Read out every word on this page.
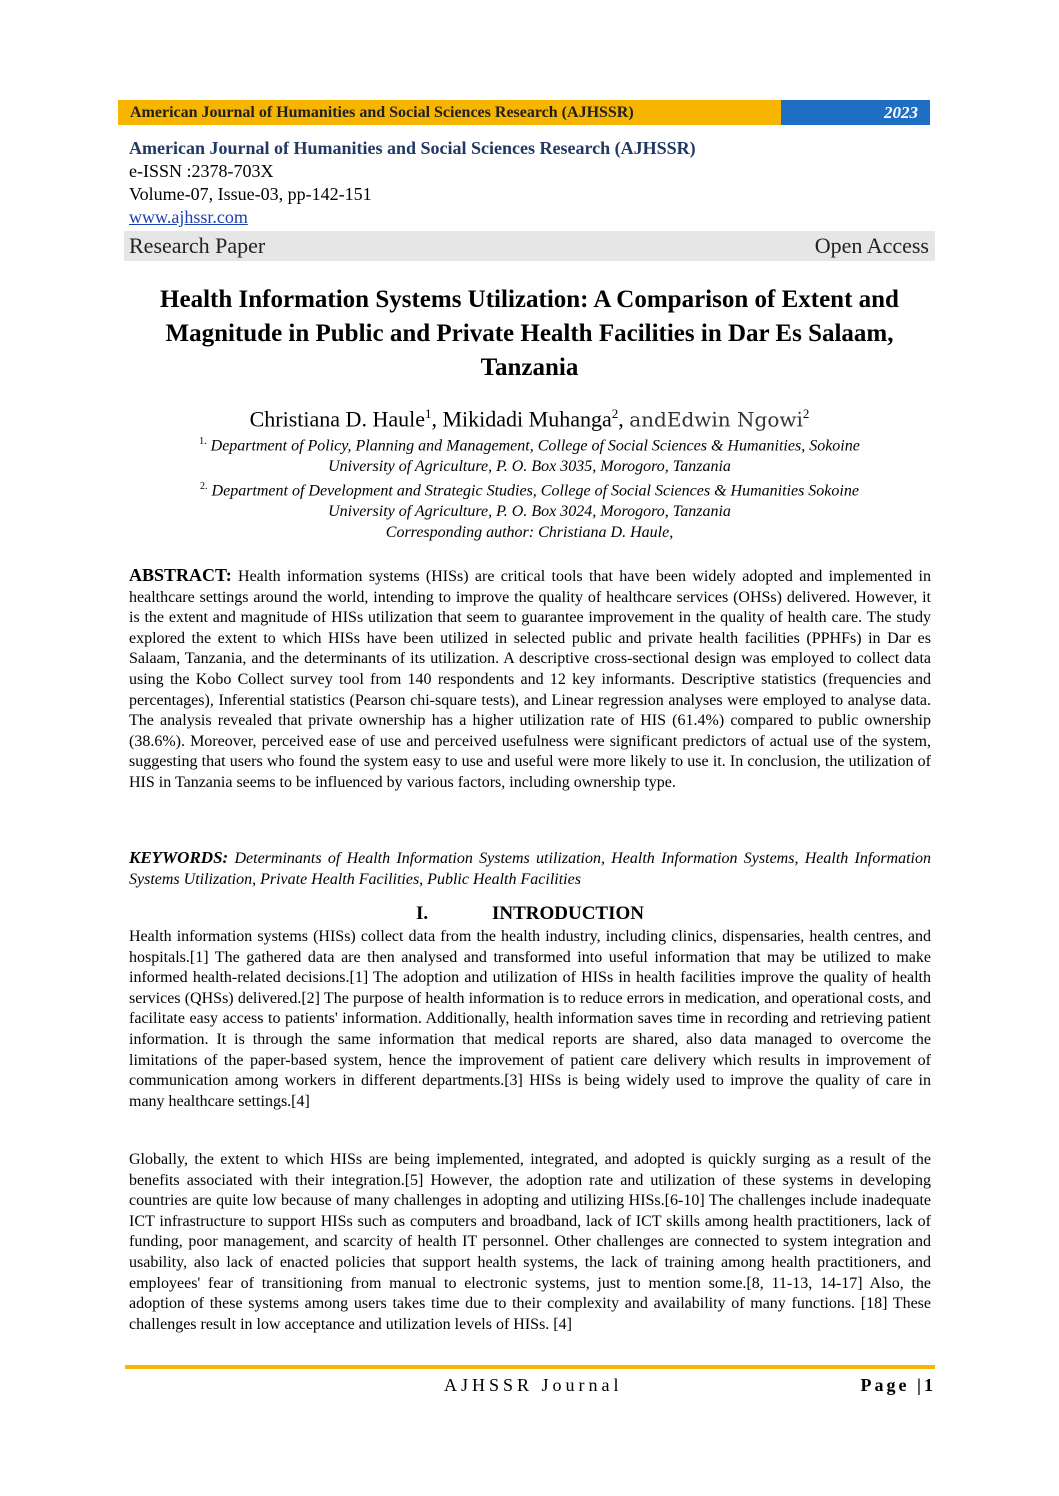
American Journal of Humanities and Social Sciences Research (AJHSSR)	2023
American Journal of Humanities and Social Sciences Research (AJHSSR)
e-ISSN :2378-703X
Volume-07, Issue-03, pp-142-151
www.ajhssr.com
Research Paper	Open Access
Health Information Systems Utilization: A Comparison of Extent and Magnitude in Public and Private Health Facilities in Dar Es Salaam, Tanzania
Christiana D. Haule$^1$, Mikidadi Muhanga$^2$, andEdwin Ngowi$^2$
$^{1.}$ Department of Policy, Planning and Management, College of Social Sciences & Humanities, Sokoine
University of Agriculture, P. O. Box 3035, Morogoro, Tanzania
$^{2.}$ Department of Development and Strategic Studies, College of Social Sciences & Humanities Sokoine
University of Agriculture, P. O. Box 3024, Morogoro, Tanzania
Corresponding author: Christiana D. Haule,
ABSTRACT: Health information systems (HISs) are critical tools that have been widely adopted and implemented in healthcare settings around the world, intending to improve the quality of healthcare services (OHSs) delivered. However, it is the extent and magnitude of HISs utilization that seem to guarantee improvement in the quality of health care. The study explored the extent to which HISs have been utilized in selected public and private health facilities (PPHFs) in Dar es Salaam, Tanzania, and the determinants of its utilization. A descriptive cross-sectional design was employed to collect data using the Kobo Collect survey tool from 140 respondents and 12 key informants. Descriptive statistics (frequencies and percentages), Inferential statistics (Pearson chi-square tests), and Linear regression analyses were employed to analyse data. The analysis revealed that private ownership has a higher utilization rate of HIS (61.4%) compared to public ownership (38.6%). Moreover, perceived ease of use and perceived usefulness were significant predictors of actual use of the system, suggesting that users who found the system easy to use and useful were more likely to use it. In conclusion, the utilization of HIS in Tanzania seems to be influenced by various factors, including ownership type.
KEYWORDS: Determinants of Health Information Systems utilization, Health Information Systems, Health Information Systems Utilization, Private Health Facilities, Public Health Facilities
I.	INTRODUCTION
Health information systems (HISs) collect data from the health industry, including clinics, dispensaries, health centres, and hospitals.[1] The gathered data are then analysed and transformed into useful information that may be utilized to make informed health-related decisions.[1] The adoption and utilization of HISs in health facilities improve the quality of health services (QHSs) delivered.[2] The purpose of health information is to reduce errors in medication, and operational costs, and facilitate easy access to patients' information. Additionally, health information saves time in recording and retrieving patient information. It is through the same information that medical reports are shared, also data managed to overcome the limitations of the paper-based system, hence the improvement of patient care delivery which results in improvement of communication among workers in different departments.[3] HISs is being widely used to improve the quality of care in many healthcare settings.[4]
Globally, the extent to which HISs are being implemented, integrated, and adopted is quickly surging as a result of the benefits associated with their integration.[5] However, the adoption rate and utilization of these systems in developing countries are quite low because of many challenges in adopting and utilizing HISs.[6-10] The challenges include inadequate ICT infrastructure to support HISs such as computers and broadband, lack of ICT skills among health practitioners, lack of funding, poor management, and scarcity of health IT personnel. Other challenges are connected to system integration and usability, also lack of enacted policies that support health systems, the lack of training among health practitioners, and employees' fear of transitioning from manual to electronic systems, just to mention some.[8, 11-13, 14-17] Also, the adoption of these systems among users takes time due to their complexity and availability of many functions. [18] These challenges result in low acceptance and utilization levels of HISs. [4]
AJHSSR Journal	Page |1
